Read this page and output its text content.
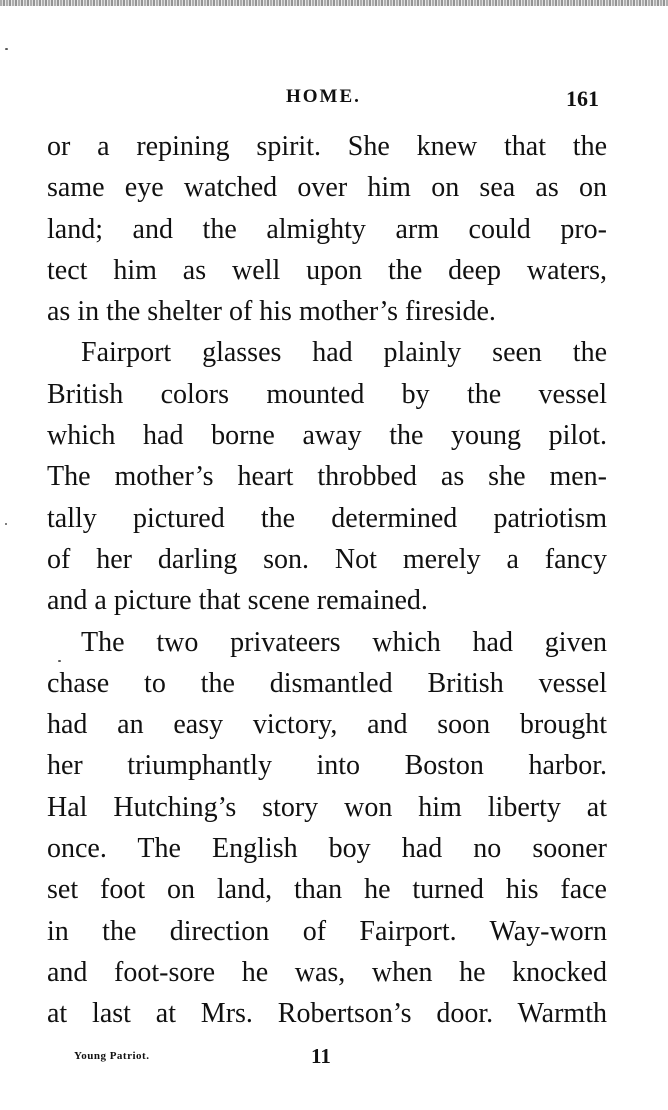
HOME.	161
or a repining spirit. She knew that the
same eye watched over him on sea as on
land; and the almighty arm could pro-
tect him as well upon the deep waters,
as in the shelter of his mother’s fireside.
Fairport glasses had plainly seen the
British colors mounted by the vessel
which had borne away the young pilot.
The mother’s heart throbbed as she men-
tally pictured the determined patriotism
of her darling son. Not merely a fancy
and a picture that scene remained.
The two privateers which had given
chase to the dismantled British vessel
had an easy victory, and soon brought
her triumphantly into Boston harbor.
Hal Hutching’s story won him liberty at
once. The English boy had no sooner
set foot on land, than he turned his face
in the direction of Fairport. Way-worn
and foot-sore he was, when he knocked
at last at Mrs. Robertson’s door. Warmth
Young Patriot.	11
